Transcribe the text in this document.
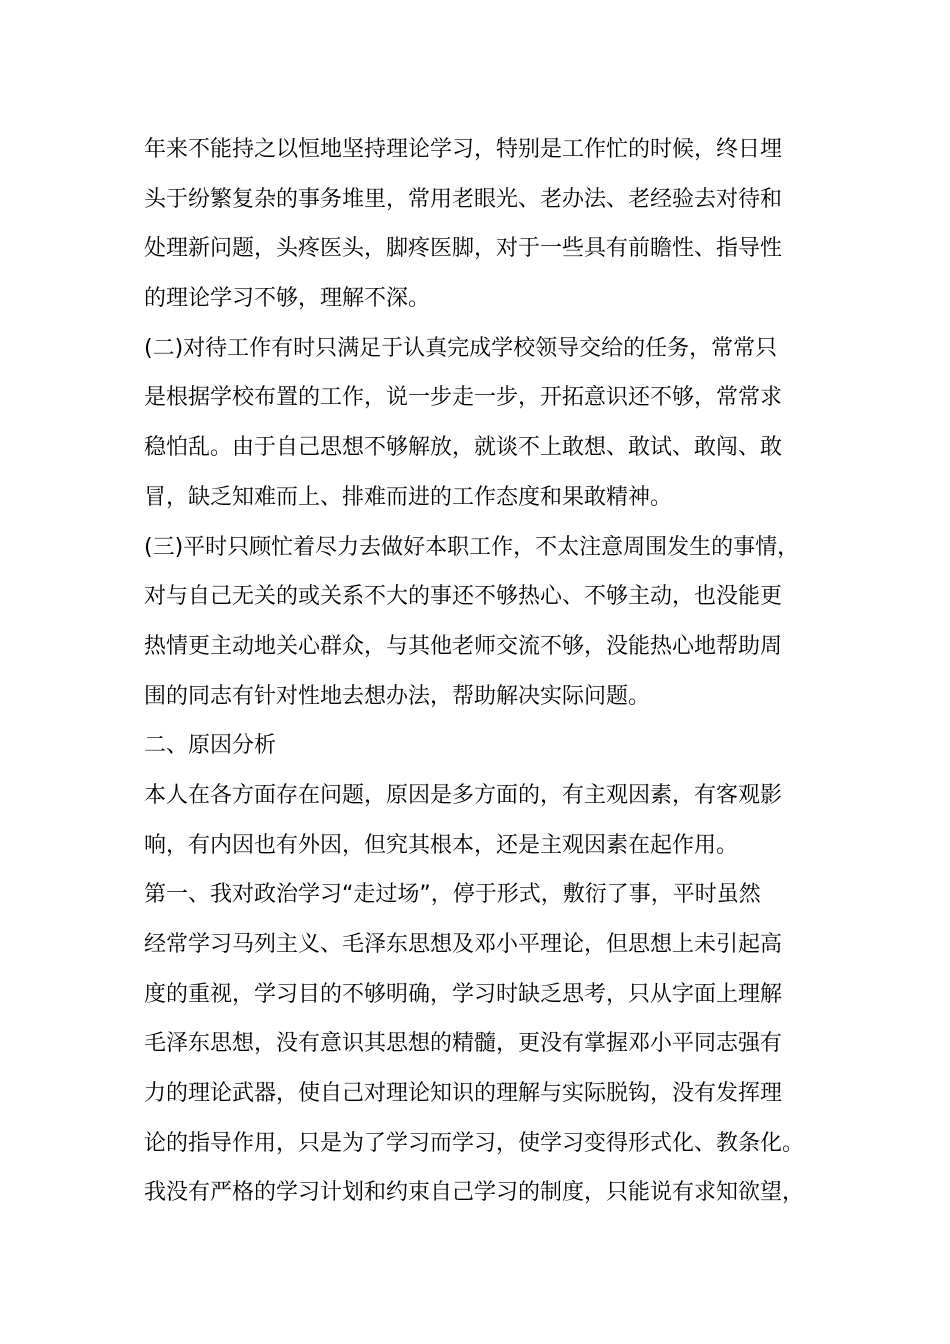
年来不能持之以恒地坚持理论学习，特别是工作忙的时候，终日埋
头于纷繁复杂的事务堆里，常用老眼光、老办法、老经验去对待和
处理新问题，头疼医头，脚疼医脚，对于一些具有前瞻性、指导性
的理论学习不够，理解不深。
(二)对待工作有时只满足于认真完成学校领导交给的任务，常常只
是根据学校布置的工作，说一步走一步，开拓意识还不够，常常求
稳怕乱。由于自己思想不够解放，就谈不上敢想、敢试、敢闯、敢
冒，缺乏知难而上、排难而进的工作态度和果敢精神。
(三)平时只顾忙着尽力去做好本职工作，不太注意周围发生的事情，
对与自己无关的或关系不大的事还不够热心、不够主动，也没能更
热情更主动地关心群众，与其他老师交流不够，没能热心地帮助周
围的同志有针对性地去想办法，帮助解决实际问题。
二、原因分析
本人在各方面存在问题，原因是多方面的，有主观因素，有客观影
响，有内因也有外因，但究其根本，还是主观因素在起作用。
第一、我对政治学习“走过场”，停于形式，敷衍了事，平时虽然
经常学习马列主义、毛泽东思想及邓小平理论，但思想上未引起高
度的重视，学习目的不够明确，学习时缺乏思考，只从字面上理解
毛泽东思想，没有意识其思想的精髓，更没有掌握邓小平同志强有
力的理论武器，使自己对理论知识的理解与实际脱钩，没有发挥理
论的指导作用，只是为了学习而学习，使学习变得形式化、教条化。
我没有严格的学习计划和约束自己学习的制度，只能说有求知欲望，
